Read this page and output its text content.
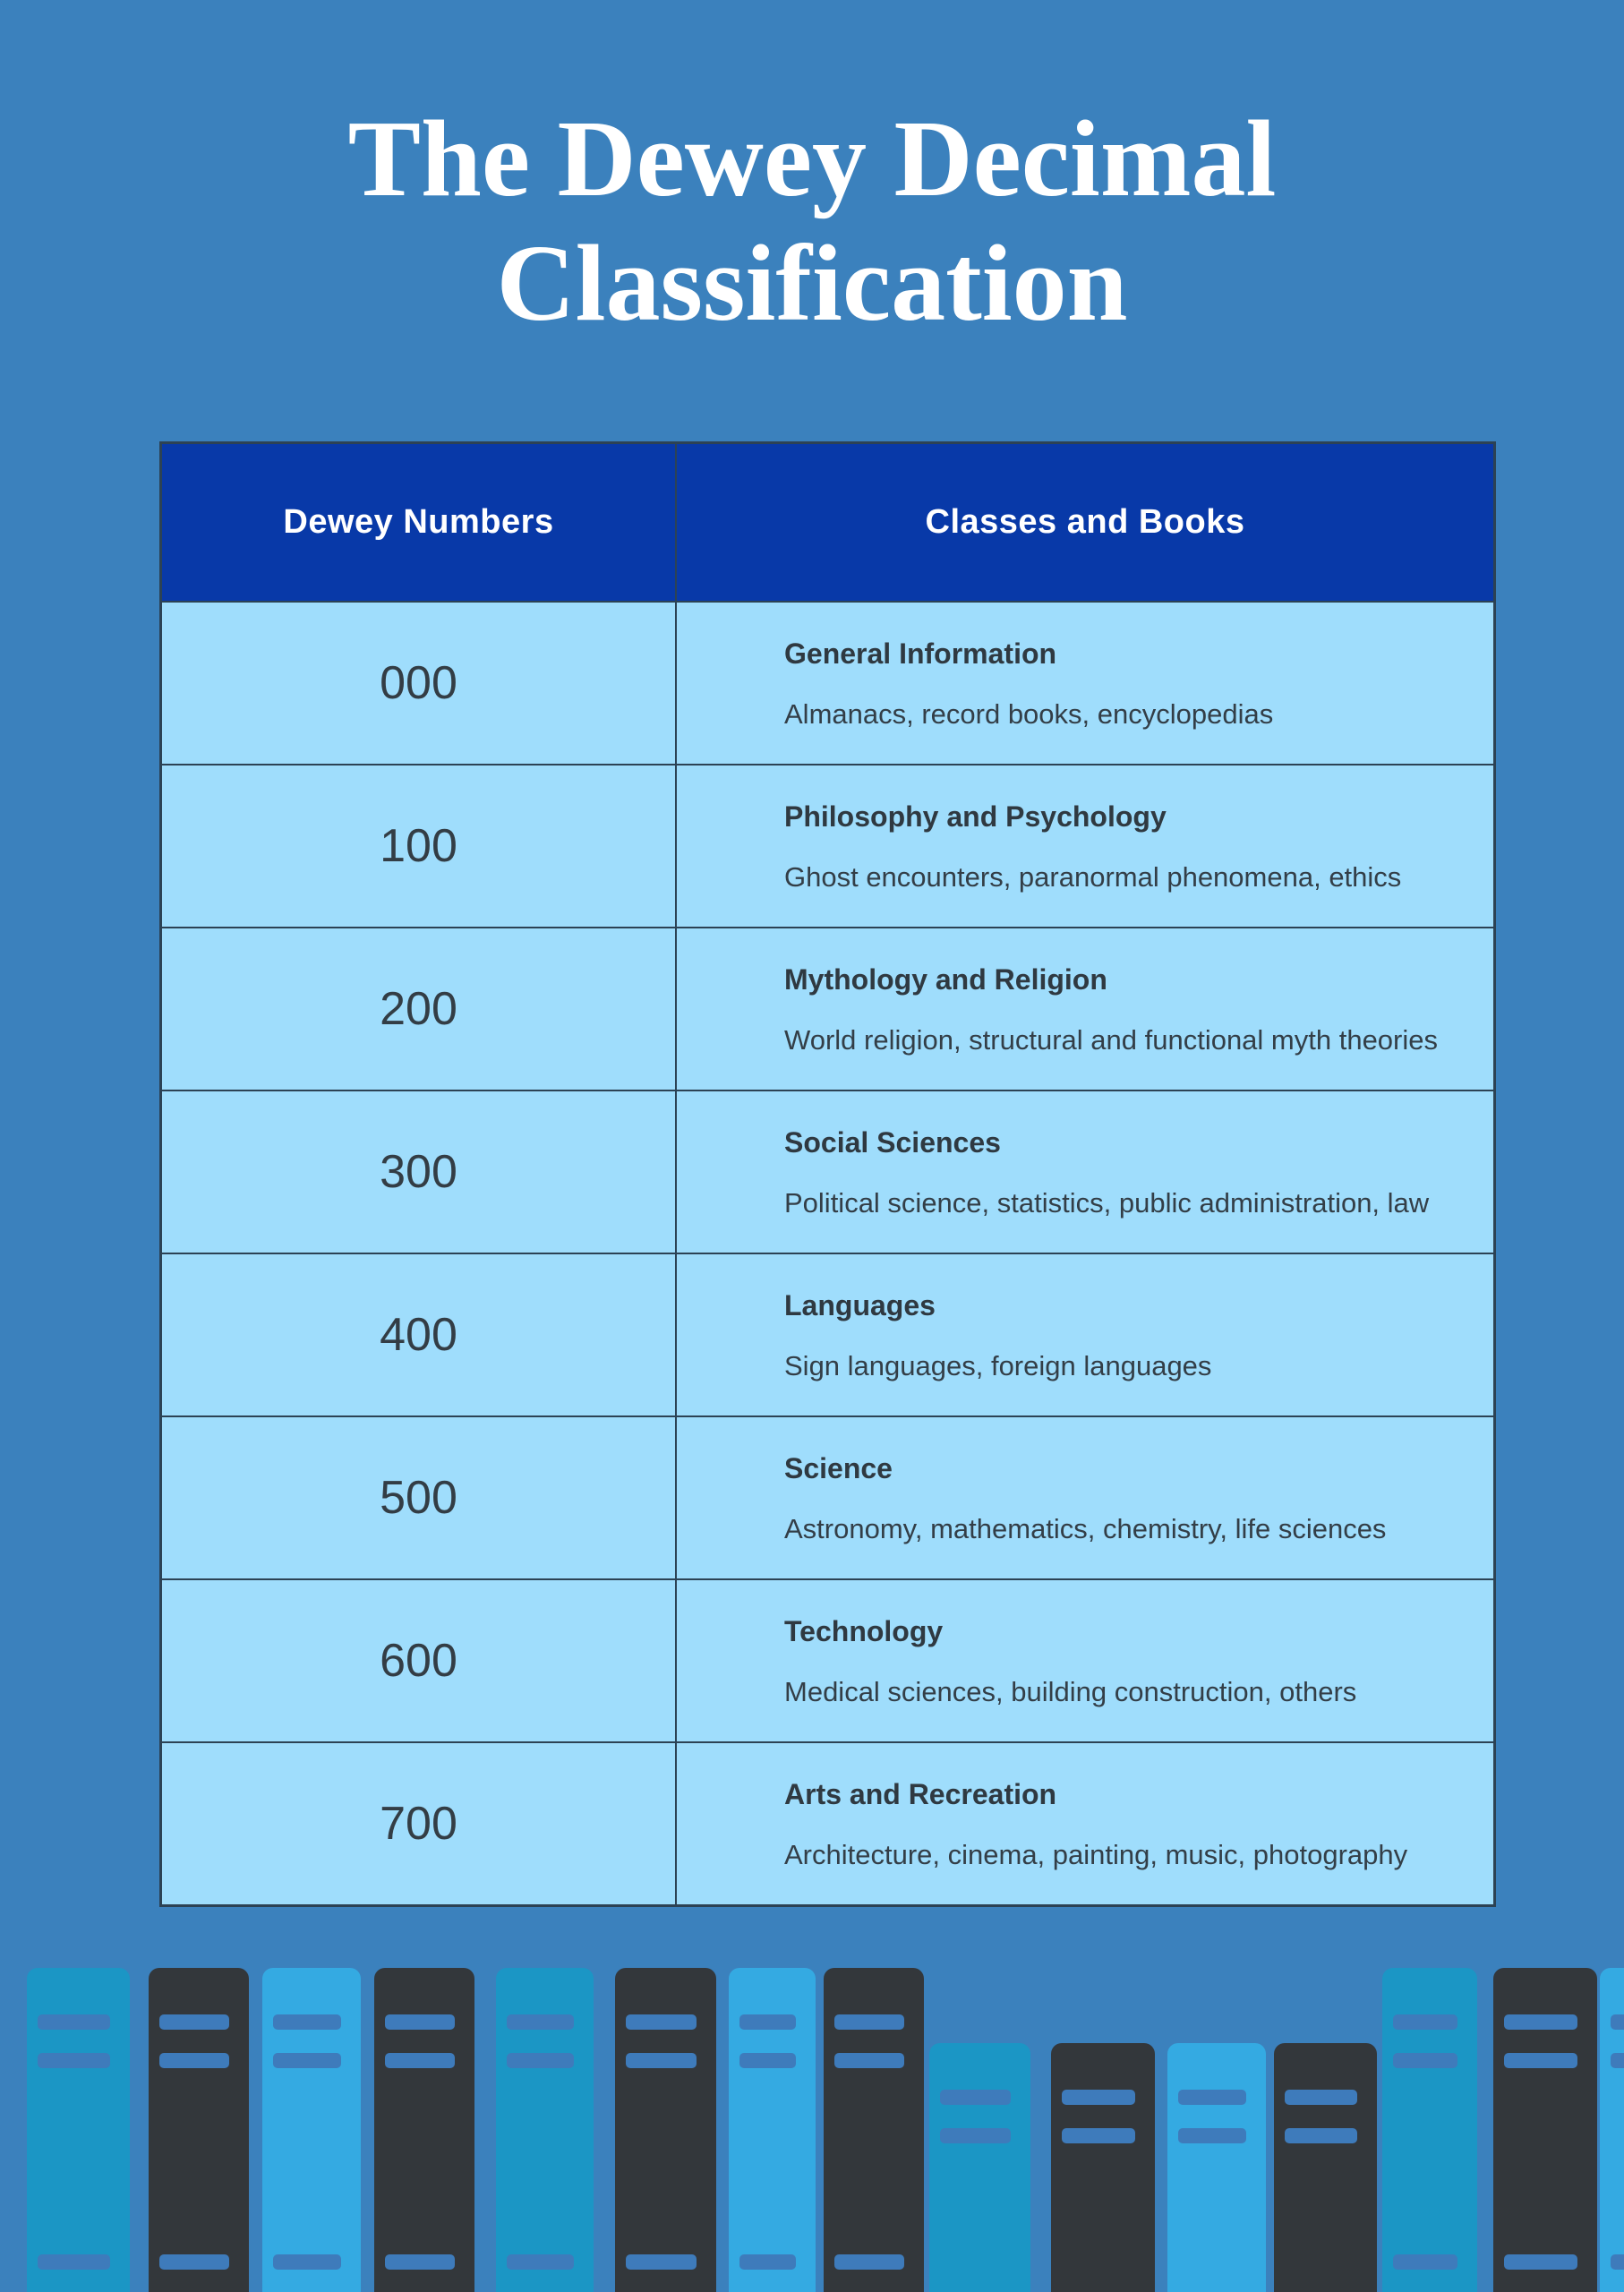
The Dewey Decimal
Classification
Dewey Numbers	Classes and Books
000
General Information
Almanacs, record books, encyclopedias
100
Philosophy and Psychology
Ghost encounters, paranormal phenomena, ethics
200
Mythology and Religion
World religion, structural and functional myth theories
300
Social Sciences
Political science, statistics, public administration, law
400
Languages
Sign languages, foreign languages
500
Science
Astronomy, mathematics, chemistry, life sciences
600
Technology
Medical sciences, building construction, others
700
Arts and Recreation
Architecture, cinema, painting, music, photography
